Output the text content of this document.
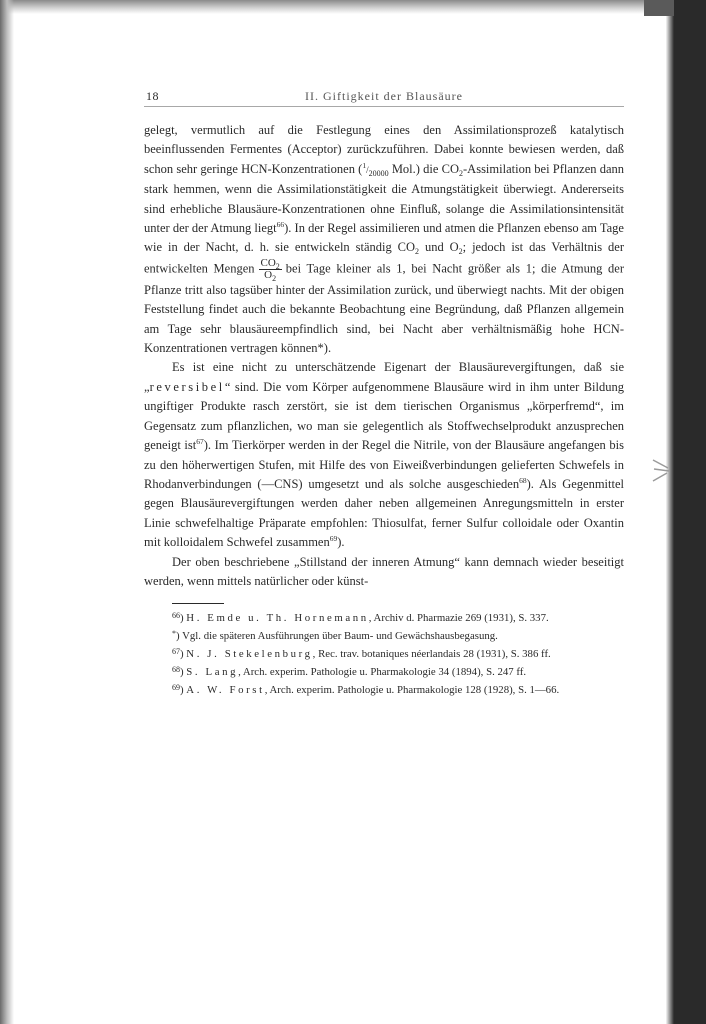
18	II. Giftigkeit der Blausäure

gelegt, vermutlich auf die Festlegung eines den Assimilationsprozeß katalytisch beeinflussenden Fermentes (Acceptor) zurückzuführen. Dabei konnte bewiesen werden, daß schon sehr geringe HCN-Konzentrationen ($^1/_{20000}$ Mol.) die $CO_2$-Assimilation bei Pflanzen dann stark hemmen, wenn die Assimilationstätigkeit die Atmungstätigkeit überwiegt. Andererseits sind erhebliche Blausäure-Konzentrationen ohne Einfluß, solange die Assimilationsintensität unter der der Atmung liegt$^{66}$). In der Regel assimilieren und atmen die Pflanzen ebenso am Tage wie in der Nacht, d. h. sie entwickeln ständig $CO_2$ und $O_2$; jedoch ist das Verhältnis der entwickelten Mengen $\frac{CO_2}{O_2}$ bei Tage kleiner als 1, bei Nacht größer als 1; die Atmung der Pflanze tritt also tagsüber hinter der Assimilation zurück, und überwiegt nachts. Mit der obigen Feststellung findet auch die bekannte Beobachtung eine Begründung, daß Pflanzen allgemein am Tage sehr blausäureempfindlich sind, bei Nacht aber verhältnismäßig hohe HCN-Konzentrationen vertragen können*).

Es ist eine nicht zu unterschätzende Eigenart der Blausäurevergiftungen, daß sie „reversibel“ sind. Die vom Körper aufgenommene Blausäure wird in ihm unter Bildung ungiftiger Produkte rasch zerstört, sie ist dem tierischen Organismus „körperfremd“, im Gegensatz zum pflanzlichen, wo man sie gelegentlich als Stoffwechselprodukt anzusprechen geneigt ist$^{67}$). Im Tierkörper werden in der Regel die Nitrile, von der Blausäure angefangen bis zu den höherwertigen Stufen, mit Hilfe des von Eiweißverbindungen gelieferten Schwefels in Rhodanverbindungen (—CNS) umgesetzt und als solche ausgeschieden$^{68}$). Als Gegenmittel gegen Blausäurevergiftungen werden daher neben allgemeinen Anregungsmitteln in erster Linie schwefelhaltige Präparate empfohlen: Thiosulfat, ferner Sulfur colloidale oder Oxantin mit kolloidalem Schwefel zusammen$^{69}$).

Der oben beschriebene „Stillstand der inneren Atmung“ kann demnach wieder beseitigt werden, wenn mittels natürlicher oder künst-

$^{66}$) H. Emde u. Th. Hornemann, Archiv d. Pharmazie 269 (1931), S. 337.

*) Vgl. die späteren Ausführungen über Baum- und Gewächshausbegasung.

$^{67}$) N. J. Stekelenburg, Rec. trav. botaniques néerlandais 28 (1931), S. 386 ff.

$^{68}$) S. Lang, Arch. experim. Pathologie u. Pharmakologie 34 (1894), S. 247 ff.

$^{69}$) A. W. Forst, Arch. experim. Pathologie u. Pharmakologie 128 (1928), S. 1—66.
